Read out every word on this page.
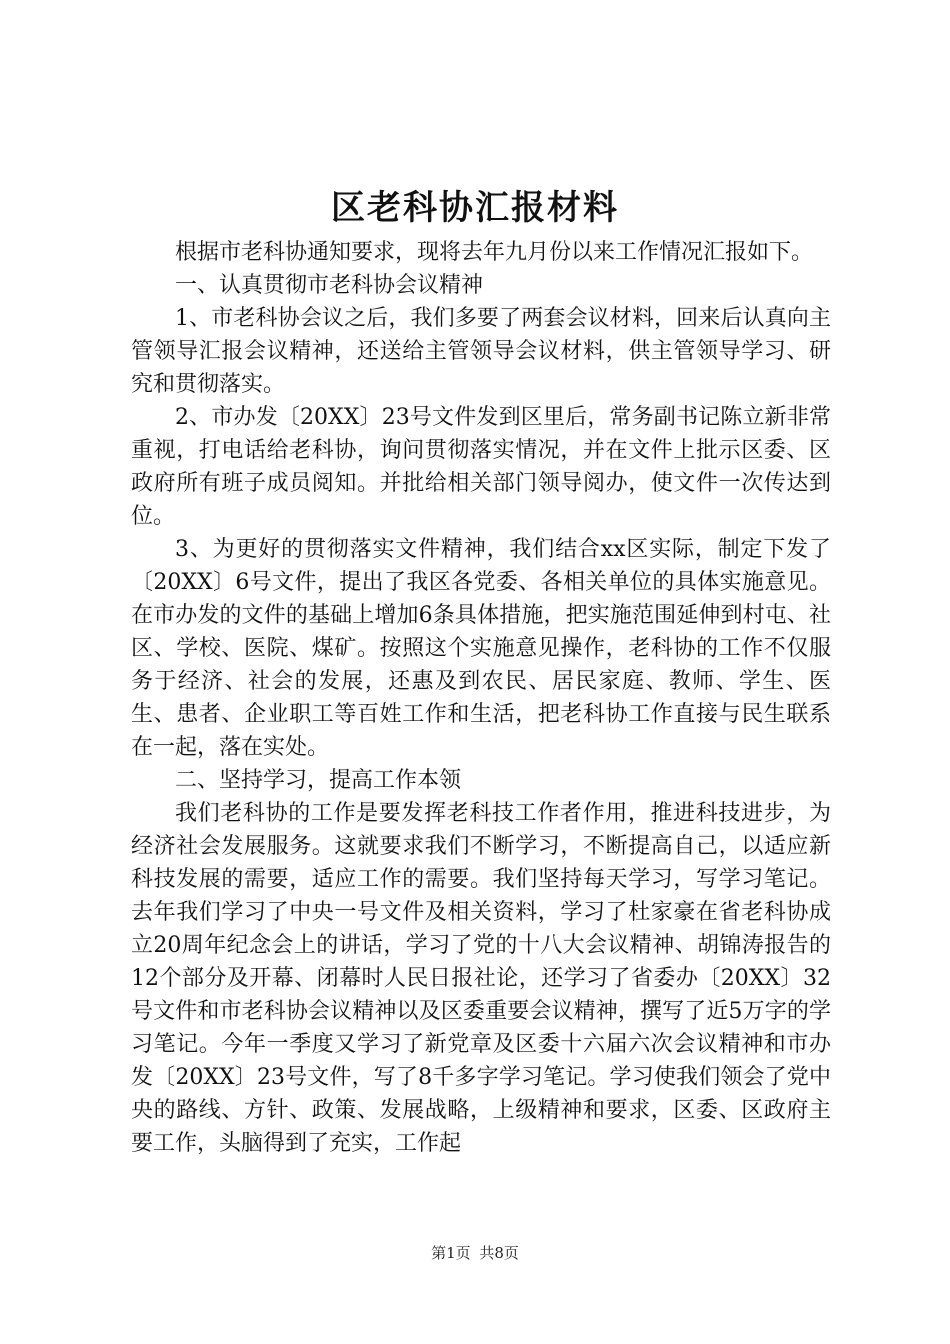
区老科协汇报材料

根据市老科协通知要求，现将去年九月份以来工作情况汇报如下。

一、认真贯彻市老科协会议精神

1、市老科协会议之后，我们多要了两套会议材料，回来后认真向主管领导汇报会议精神，还送给主管领导会议材料，供主管领导学习、研究和贯彻落实。

2、市办发〔20XX〕23号文件发到区里后，常务副书记陈立新非常重视，打电话给老科协，询问贯彻落实情况，并在文件上批示区委、区政府所有班子成员阅知。并批给相关部门领导阅办，使文件一次传达到位。

3、为更好的贯彻落实文件精神，我们结合xx区实际，制定下发了〔20XX〕6号文件，提出了我区各党委、各相关单位的具体实施意见。在市办发的文件的基础上增加6条具体措施，把实施范围延伸到村屯、社区、学校、医院、煤矿。按照这个实施意见操作，老科协的工作不仅服务于经济、社会的发展，还惠及到农民、居民家庭、教师、学生、医生、患者、企业职工等百姓工作和生活，把老科协工作直接与民生联系在一起，落在实处。

二、坚持学习，提高工作本领

我们老科协的工作是要发挥老科技工作者作用，推进科技进步，为经济社会发展服务。这就要求我们不断学习，不断提高自己，以适应新科技发展的需要，适应工作的需要。我们坚持每天学习，写学习笔记。去年我们学习了中央一号文件及相关资料，学习了杜家豪在省老科协成立20周年纪念会上的讲话，学习了党的十八大会议精神、胡锦涛报告的12个部分及开幕、闭幕时人民日报社论，还学习了省委办〔20XX〕32号文件和市老科协会议精神以及区委重要会议精神，撰写了近5万字的学习笔记。今年一季度又学习了新党章及区委十六届六次会议精神和市办发〔20XX〕23号文件，写了8千多字学习笔记。学习使我们领会了党中央的路线、方针、政策、发展战略，上级精神和要求，区委、区政府主要工作，头脑得到了充实，工作起

第1页 共8页
